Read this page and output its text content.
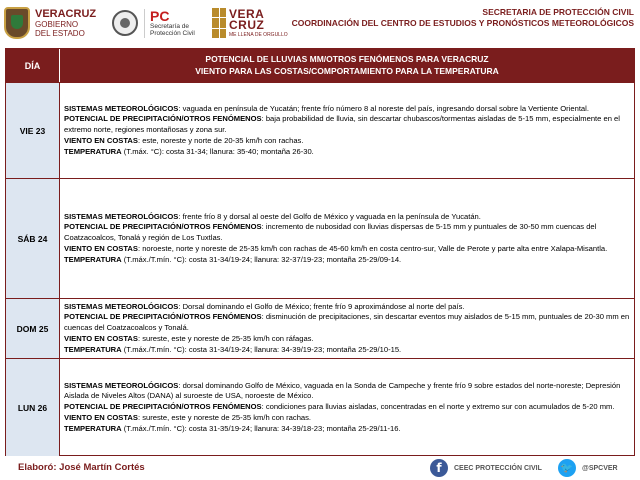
VERACRUZ
GOBIERNO
DEL ESTADO
PC
Secretaría de
Protección Civil
VERA
CRUZ
ME LLENA DE ORGULLO
SECRETARIA DE PROTECCIÓN CIVIL
COORDINACIÓN DEL CENTRO DE ESTUDIOS Y PRONÓSTICOS METEOROLÓGICOS
DÍA
POTENCIAL DE LLUVIAS MM/OTROS FENÓMENOS PARA VERACRUZ
VIENTO PARA LAS COSTAS/COMPORTAMIENTO PARA LA TEMPERATURA
VIE 23

SISTEMAS METEOROLÓGICOS: vaguada en península de Yucatán; frente frío número 8 al noreste del país, ingresando dorsal sobre la Vertiente Oriental.

POTENCIAL DE PRECIPITACIÓN/OTROS FENÓMENOS: baja probabilidad de lluvia, sin descartar chubascos/tormentas aisladas de 5-15 mm, especialmente en el extremo norte, regiones montañosas y zona sur.

VIENTO EN COSTAS: este, noreste y norte de 20-35 km/h con rachas.

TEMPERATURA (T.máx. °C): costa 31-34; llanura: 35-40; montaña 26-30.

SÁB 24

SISTEMAS METEOROLÓGICOS: frente frío 8 y dorsal al oeste del Golfo de México y vaguada en la península de Yucatán.

POTENCIAL DE PRECIPITACIÓN/OTROS FENÓMENOS: incremento de nubosidad con lluvias dispersas de 5-15 mm y puntuales de 30-50 mm cuencas del Coatzacoalcos, Tonalá y región de Los Tuxtlas.

VIENTO EN COSTAS: noroeste, norte y noreste de 25-35 km/h con rachas de 45-60 km/h en costa centro-sur, Valle de Perote y parte alta entre Xalapa-Misantla.

TEMPERATURA (T.máx./T.mín. °C): costa 31-34/19-24; llanura: 32-37/19-23; montaña 25-29/09-14.

DOM 25

SISTEMAS METEOROLÓGICOS: Dorsal dominando el Golfo de México; frente frío 9 aproximándose al norte del país.

POTENCIAL DE PRECIPITACIÓN/OTROS FENÓMENOS: disminución de precipitaciones, sin descartar eventos muy aislados de 5-15 mm, puntuales de 20-30 mm en cuencas del Coatzacoalcos y Tonalá.

VIENTO EN COSTAS: sureste, este y noreste de 25-35 km/h con ráfagas.

TEMPERATURA (T.máx./T.mín. °C): costa 31-34/19-24; llanura: 34-39/19-23; montaña 25-29/10-15.

LUN 26

SISTEMAS METEOROLÓGICOS: dorsal dominando Golfo de México, vaguada en la Sonda de Campeche y frente frío 9 sobre estados del norte-noreste; Depresión Aislada de Niveles Altos (DANA) al suroeste de USA, noroeste de México.

POTENCIAL DE PRECIPITACIÓN/OTROS FENÓMENOS: condiciones para lluvias aisladas, concentradas en el norte y extremo sur con acumulados de 5-20 mm.

VIENTO EN COSTAS: sureste, este y noreste de 25-35 km/h con rachas.

TEMPERATURA (T.máx./T.mín. °C): costa 31-35/19-24; llanura: 34-39/18-23; montaña 25-29/11-16.

Elaboró: José Martín Cortés	f	CEEC PROTECCIÓN CIVIL 🐦	@SPCVER
